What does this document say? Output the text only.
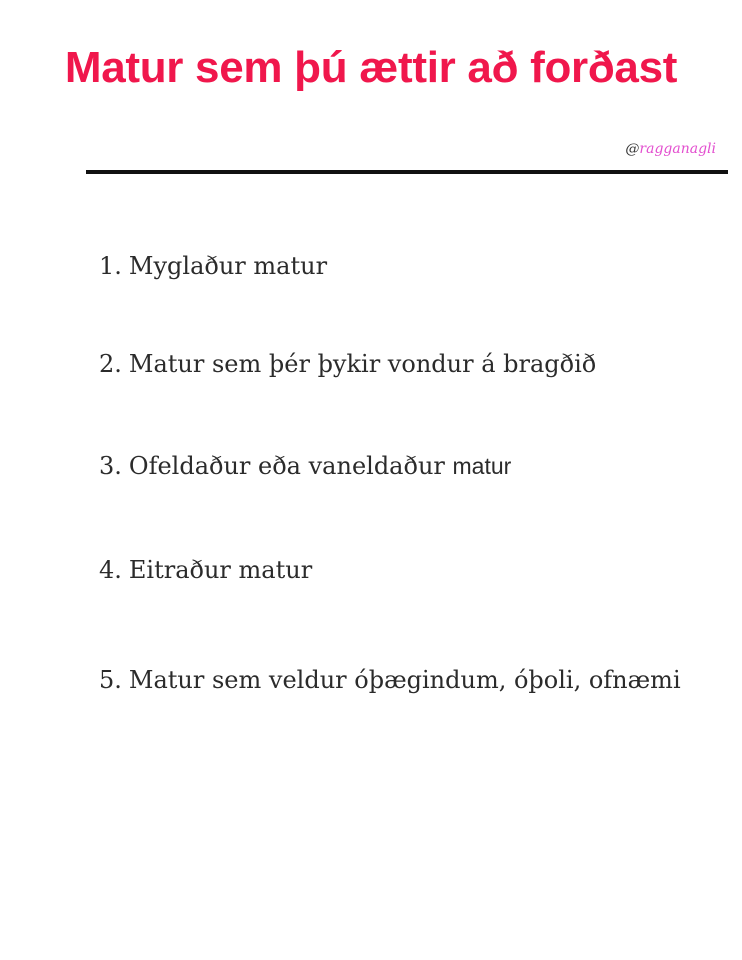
Matur sem þú ættir að forðast
@ragganagli
1. Myglaður matur
2. Matur sem þér þykir vondur á bragðið
3. Ofeldaður eða vaneldaður matur
4. Eitraður matur
5. Matur sem veldur óþægindum, óþoli, ofnæmi
